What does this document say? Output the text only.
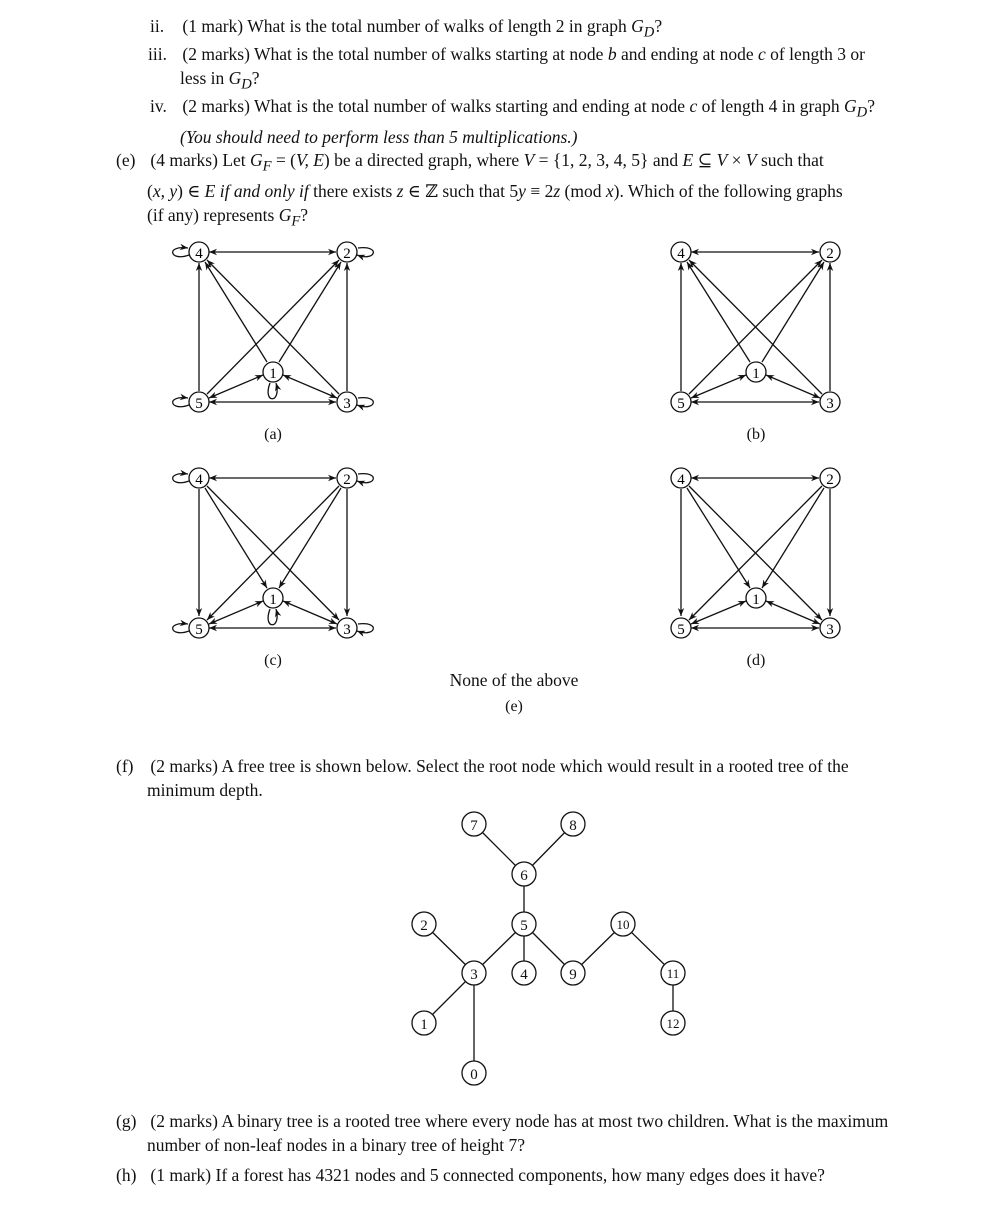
ii. (1 mark) What is the total number of walks of length 2 in graph $G_D$?
iii. (2 marks) What is the total number of walks starting at node b and ending at node c of length 3 or
less in $G_D$?
iv. (2 marks) What is the total number of walks starting and ending at node c of length 4 in graph $G_D$?
(You should need to perform less than 5 multiplications.)
(e) (4 marks) Let $G_F = (V$, E) be a directed graph, where V = {1, 2, 3, 4, 5} and E ⊆ V × V such that
(x, y) ∈ E if and only if there exists z ∈ ℤ such that 5y ≡ 2z (mod x). Which of the following graphs
(if any) represents $G_F$?
4	2
5	3
1
(a)
4	2
5	3
1
(b)
4	2
5	3
1
(c)
4	2
5	3
1
(d)
None of the above
(e)
(f) (2 marks) A free tree is shown below. Select the root node which would result in a rooted tree of the
minimum depth.
7	8
6
2	5	10
3	4	9	11
1	12
0
(g) (2 marks) A binary tree is a rooted tree where every node has at most two children. What is the maximum
number of non-leaf nodes in a binary tree of height 7?
(h) (1 mark) If a forest has 4321 nodes and 5 connected components, how many edges does it have?
